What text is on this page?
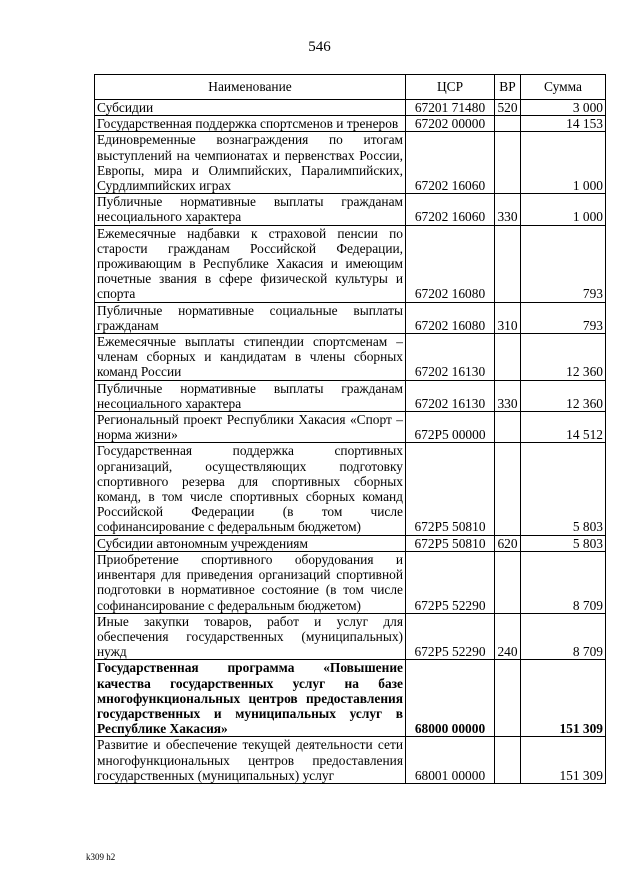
546
Наименование	ЦСР	ВР	Сумма
Субсидии	67201 71480	520	3 000
Государственная поддержка спортсменов и тренеров	67202 00000		14 153
Единовременные вознаграждения по итогам выступлений на чемпионатах и первенствах России, Европы, мира и Олимпийских, Паралимпийских, Сурдлимпийских играх	67202 16060		1 000
Публичные нормативные выплаты гражданам несоциального характера	67202 16060	330	1 000
Ежемесячные надбавки к страховой пенсии по старости гражданам Российской Федерации, проживающим в Республике Хакасия и имеющим почетные звания в сфере физической культуры и спорта	67202 16080		793
Публичные нормативные социальные выплаты гражданам	67202 16080	310	793
Ежемесячные выплаты стипендии спортсменам – членам сборных и кандидатам в члены сборных команд России	67202 16130		12 360
Публичные нормативные выплаты гражданам несоциального характера	67202 16130	330	12 360
Региональный проект Республики Хакасия «Спорт – норма жизни»	672P5 00000		14 512
Государственная поддержка спортивных организаций, осуществляющих подготовку спортивного резерва для спортивных сборных команд, в том числе спортивных сборных команд Российской Федерации (в том числе софинансирование с федеральным бюджетом)	672P5 50810		5 803
Субсидии автономным учреждениям	672P5 50810	620	5 803
Приобретение спортивного оборудования и инвентаря для приведения организаций спортивной подготовки в нормативное состояние (в том числе софинансирование с федеральным бюджетом)	672P5 52290		8 709
Иные закупки товаров, работ и услуг для обеспечения государственных (муниципальных) нужд	672P5 52290	240	8 709
Государственная программа «Повышение качества государственных услуг на базе многофункциональных центров предоставления государственных и муниципальных услуг в Республике Хакасия»	68000 00000		151 309
Развитие и обеспечение текущей деятельности сети многофункциональных центров предоставления государственных (муниципальных) услуг	68001 00000		151 309
k309 h2
